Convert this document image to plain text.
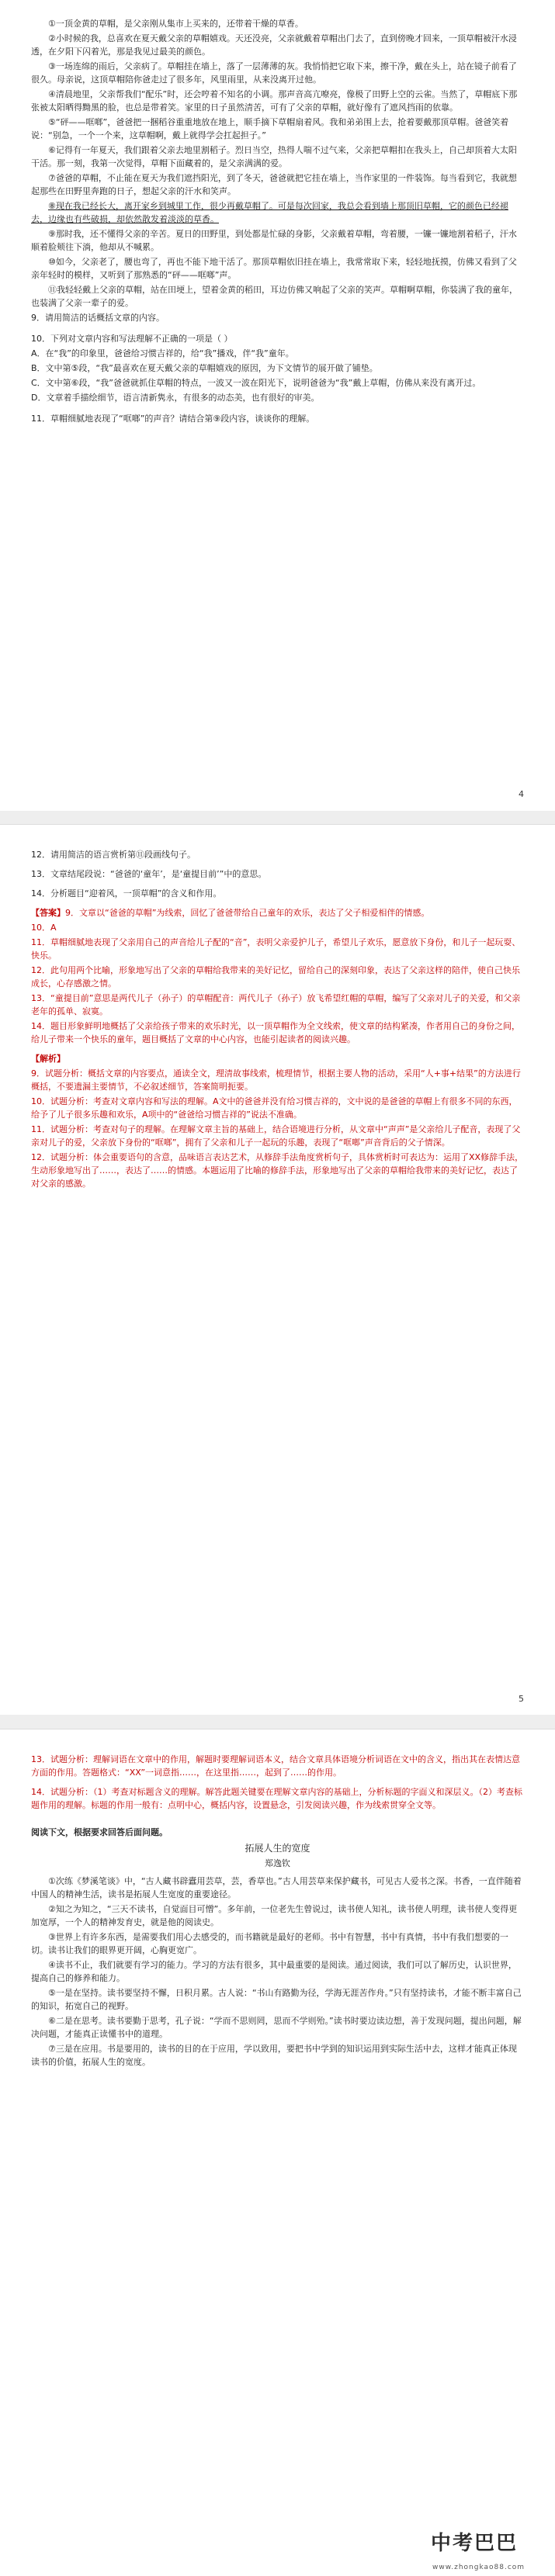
①一顶金黄的草帽，是父亲刚从集市上买来的，还带着干燥的草香。

②小时候的我，总喜欢在夏天戴父亲的草帽嬉戏。天还没亮，父亲就戴着草帽出门去了，直到傍晚才回来，一顶草帽被汗水浸透，在夕阳下闪着光，那是我见过最美的颜色。

③一场连绵的雨后，父亲病了。草帽挂在墙上，落了一层薄薄的灰。我悄悄把它取下来，擦干净，戴在头上，站在镜子前看了很久。母亲说，这顶草帽陪你爸走过了很多年，风里雨里，从来没离开过他。

④清晨地里，父亲帮我们“配乐”时，还会哼着不知名的小调。那声音高亢嘹亮，像极了田野上空的云雀。当然了，草帽底下那张被太阳晒得黝黑的脸，也总是带着笑。家里的日子虽然清苦，可有了父亲的草帽，就好像有了遮风挡雨的依靠。

⑤“砰——哐啷”，爸爸把一捆稻谷重重地放在地上，顺手摘下草帽扇着风。我和弟弟围上去，抢着要戴那顶草帽。爸爸笑着说：“别急，一个一个来，这草帽啊，戴上就得学会扛起担子。”

⑥记得有一年夏天，我们跟着父亲去地里割稻子。烈日当空，热得人喘不过气来，父亲把草帽扣在我头上，自己却顶着大太阳干活。那一刻，我第一次觉得，草帽下面藏着的，是父亲满满的爱。

⑦爸爸的草帽，不止能在夏天为我们遮挡阳光，到了冬天，爸爸就把它挂在墙上，当作家里的一件装饰。每当看到它，我就想起那些在田野里奔跑的日子，想起父亲的汗水和笑声。

⑧现在我已经长大，离开家乡到城里工作，很少再戴草帽了。可是每次回家，我总会看到墙上那顶旧草帽，它的颜色已经褪去，边缘也有些破损，却依然散发着淡淡的草香。

⑨那时我，还不懂得父亲的辛苦。夏日的田野里，到处都是忙碌的身影，父亲戴着草帽，弯着腰，一镰一镰地割着稻子，汗水顺着脸颊往下淌，他却从不喊累。

⑩如今，父亲老了，腰也弯了，再也不能下地干活了。那顶草帽依旧挂在墙上，我常常取下来，轻轻地抚摸，仿佛又看到了父亲年轻时的模样，又听到了那熟悉的“砰——哐啷”声。

⑪我轻轻戴上父亲的草帽，站在田埂上，望着金黄的稻田，耳边仿佛又响起了父亲的笑声。草帽啊草帽，你装满了我的童年，也装满了父亲一辈子的爱。

9．请用简洁的话概括文章的内容。

10．下列对文章内容和写法理解不正确的一项是（ ）

A．在“我”的印象里，爸爸给习惯吉祥的，给“我”播戏，伴“我”童年。

B．文中第⑤段，“我”最喜欢在夏天戴父亲的草帽嬉戏的原因，为下文情节的展开做了铺垫。

C．文中第⑥段，“我”爸爸就抓住草帽的特点，一波又一波在阳光下，说明爸爸为“我”戴上草帽，仿佛从来没有离开过。

D．文章着手描绘细节，语言清新隽永，有很多的动态美，也有很好的审美。

11．草帽细腻地表现了“哐啷”的声音？请结合第⑨段内容，谈谈你的理解。

4

12．请用简洁的语言赏析第⑪段画线句子。

13．文章结尾段说：“爸爸的‘童年’，是‘童提目前’”中的意思。

14．分析题目“迎着风，一顶草帽”的含义和作用。

【答案】9．文章以“爸爸的草帽”为线索，回忆了爸爸带给自己童年的欢乐，表达了父子相爱相伴的情感。

10．A

11．草帽细腻地表现了父亲用自己的声音给儿子配的“音”，表明父亲爱护儿子，希望儿子欢乐，愿意放下身份，和儿子一起玩耍、快乐。

12．此句用两个比喻，形象地写出了父亲的草帽给我带来的美好记忆，留给自己的深刻印象，表达了父亲这样的陪伴，使自己快乐成长，心存感激之情。

13．“童提目前”意思是两代儿子（孙子）的草帽配音：两代儿子（孙子）放飞希望红帽的草帽，编写了父亲对儿子的关爱，和父亲老年的孤单、寂寞。

14．题目形象鲜明地概括了父亲给孩子带来的欢乐时光，以一顶草帽作为全文线索，使文章的结构紧凑，作者用自己的身份之间，给儿子带来一个快乐的童年，题目概括了文章的中心内容，也能引起读者的阅读兴趣。

【解析】

9．试题分析：概括文章的内容要点，通读全文，理清故事线索，梳理情节，根据主要人物的活动，采用“人+事+结果”的方法进行概括，不要遗漏主要情节，不必叙述细节，答案简明扼要。

10．试题分析：考查对文章内容和写法的理解。A文中的爸爸并没有给习惯吉祥的，文中说的是爸爸的草帽上有很多不同的东西，给予了儿子很多乐趣和欢乐，A项中的“爸爸给习惯吉祥的”说法不准确。

11．试题分析：考查对句子的理解。在理解文章主旨的基础上，结合语境进行分析，从文章中“声声”是父亲给儿子配音，表现了父亲对儿子的爱，父亲放下身份的“哐啷”，拥有了父亲和儿子一起玩的乐趣，表现了“哐啷”声音背后的父子情深。

12．试题分析：体会重要语句的含意，品味语言表达艺术，从修辞手法角度赏析句子，具体赏析时可表达为：运用了XX修辞手法，生动形象地写出了……，表达了……的情感。本题运用了比喻的修辞手法，形象地写出了父亲的草帽给我带来的美好记忆，表达了对父亲的感激。

5

13．试题分析：理解词语在文章中的作用，解题时要理解词语本义，结合文章具体语境分析词语在文中的含义，指出其在表情达意方面的作用。答题格式：“XX”一词意指……，在这里指……，起到了……的作用。

14．试题分析：（1）考查对标题含义的理解。解答此题关键要在理解文章内容的基础上，分析标题的字面义和深层义。（2）考查标题作用的理解。标题的作用一般有：点明中心，概括内容，设置悬念，引发阅读兴趣，作为线索贯穿全文等。

阅读下文，根据要求回答后面问题。

拓展人生的宽度

郑逸钦

①次练《梦溪笔谈》中，“古人藏书辟蠹用芸草，芸，香草也。”古人用芸草来保护藏书，可见古人爱书之深。书香，一直伴随着中国人的精神生活，读书是拓展人生宽度的重要途径。

②知之为知之，“三天不读书，自觉面目可憎”。多年前，一位老先生曾说过，读书使人知礼，读书使人明理，读书使人变得更加宽厚，一个人的精神发育史，就是他的阅读史。

③世界上有许多东西，是需要我们用心去感受的，而书籍就是最好的老师。书中有智慧，书中有真情，书中有我们想要的一切。读书让我们的眼界更开阔，心胸更宽广。

④读书不止，我们就要有学习的能力。学习的方法有很多，其中最重要的是阅读。通过阅读，我们可以了解历史，认识世界，提高自己的修养和能力。

⑤一是在坚持。读书要坚持不懈，日积月累。古人说：“书山有路勤为径，学海无涯苦作舟。”只有坚持读书，才能不断丰富自己的知识，拓宽自己的视野。

⑥二是在思考。读书要勤于思考，孔子说：“学而不思则罔，思而不学则殆。”读书时要边读边想，善于发现问题，提出问题，解决问题，才能真正读懂书中的道理。

⑦三是在应用。书是要用的，读书的目的在于应用，学以致用，要把书中学到的知识运用到实际生活中去，这样才能真正体现读书的价值，拓展人生的宽度。

中考巴巴
www.zhongkao88.com
